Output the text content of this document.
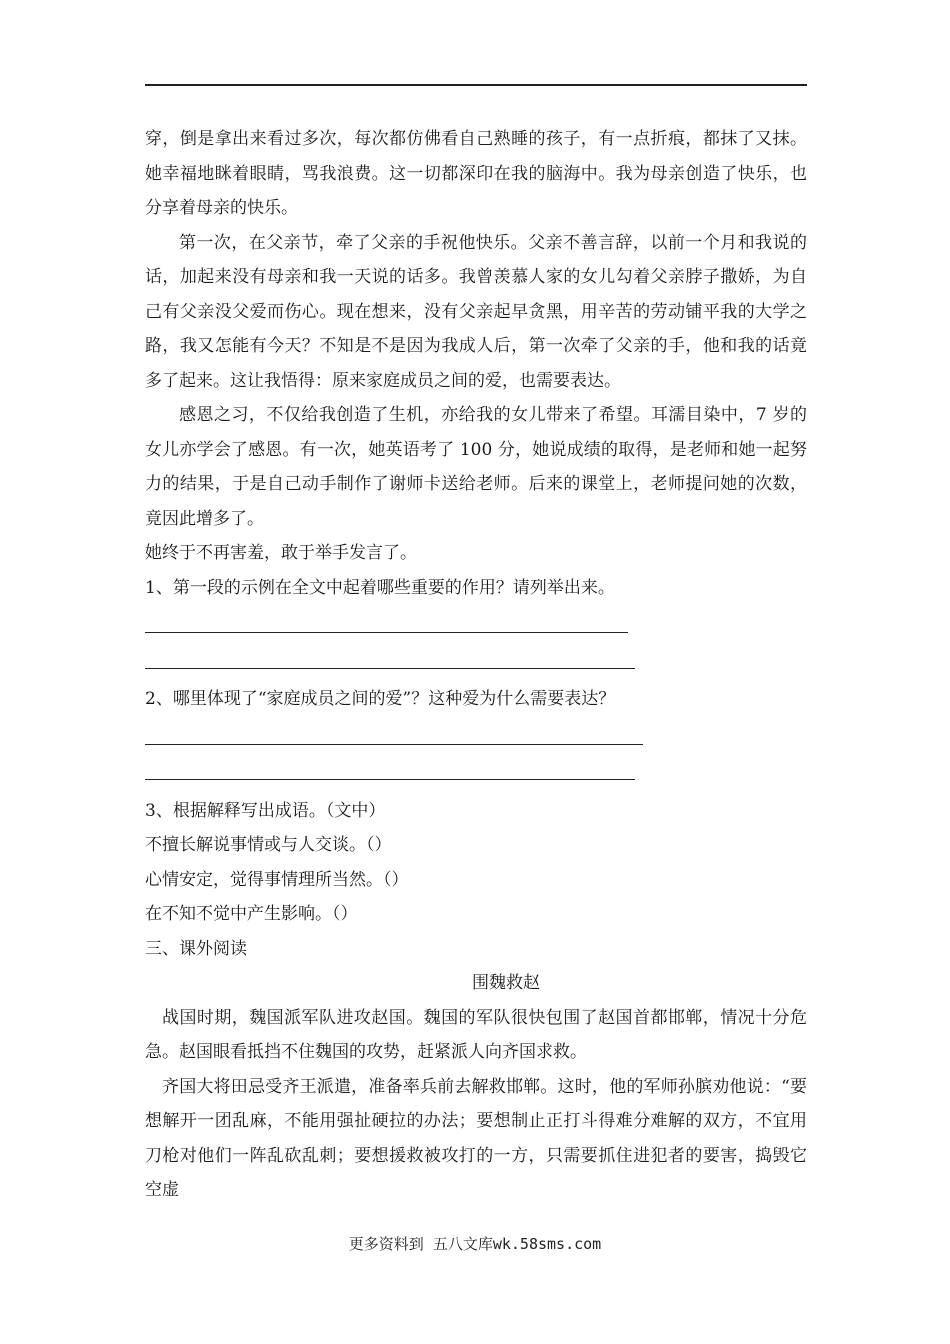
穿，倒是拿出来看过多次，每次都仿佛看自己熟睡的孩子，有一点折痕，都抹了又抹。她幸福地眯着眼睛，骂我浪费。这一切都深印在我的脑海中。我为母亲创造了快乐，也分享着母亲的快乐。

第一次，在父亲节，牵了父亲的手祝他快乐。父亲不善言辞，以前一个月和我说的话，加起来没有母亲和我一天说的话多。我曾羡慕人家的女儿勾着父亲脖子撒娇，为自己有父亲没父爱而伤心。现在想来，没有父亲起早贪黑，用辛苦的劳动铺平我的大学之路，我又怎能有今天？不知是不是因为我成人后，第一次牵了父亲的手，他和我的话竟多了起来。这让我悟得：原来家庭成员之间的爱，也需要表达。

感恩之习，不仅给我创造了生机，亦给我的女儿带来了希望。耳濡目染中，7 岁的女儿亦学会了感恩。有一次，她英语考了 100 分，她说成绩的取得，是老师和她一起努力的结果，于是自己动手制作了谢师卡送给老师。后来的课堂上，老师提问她的次数，竟因此增多了。

她终于不再害羞，敢于举手发言了。

1、第一段的示例在全文中起着哪些重要的作用？请列举出来。

2、哪里体现了“家庭成员之间的爱”？这种爱为什么需要表达？

3、根据解释写出成语。（文中）

不擅长解说事情或与人交谈。（）

心情安定，觉得事情理所当然。（）

在不知不觉中产生影响。（）

三、课外阅读

围魏救赵

战国时期，魏国派军队进攻赵国。魏国的军队很快包围了赵国首都邯郸，情况十分危急。赵国眼看抵挡不住魏国的攻势，赶紧派人向齐国求救。

齐国大将田忌受齐王派遣，准备率兵前去解救邯郸。这时，他的军师孙膑劝他说：“要想解开一团乱麻，不能用强扯硬拉的办法；要想制止正打斗得难分难解的双方，不宜用刀枪对他们一阵乱砍乱刺；要想援救被攻打的一方，只需要抓住进犯者的要害，捣毁它空虚

更多资料到 五八文库wk.58sms.com
